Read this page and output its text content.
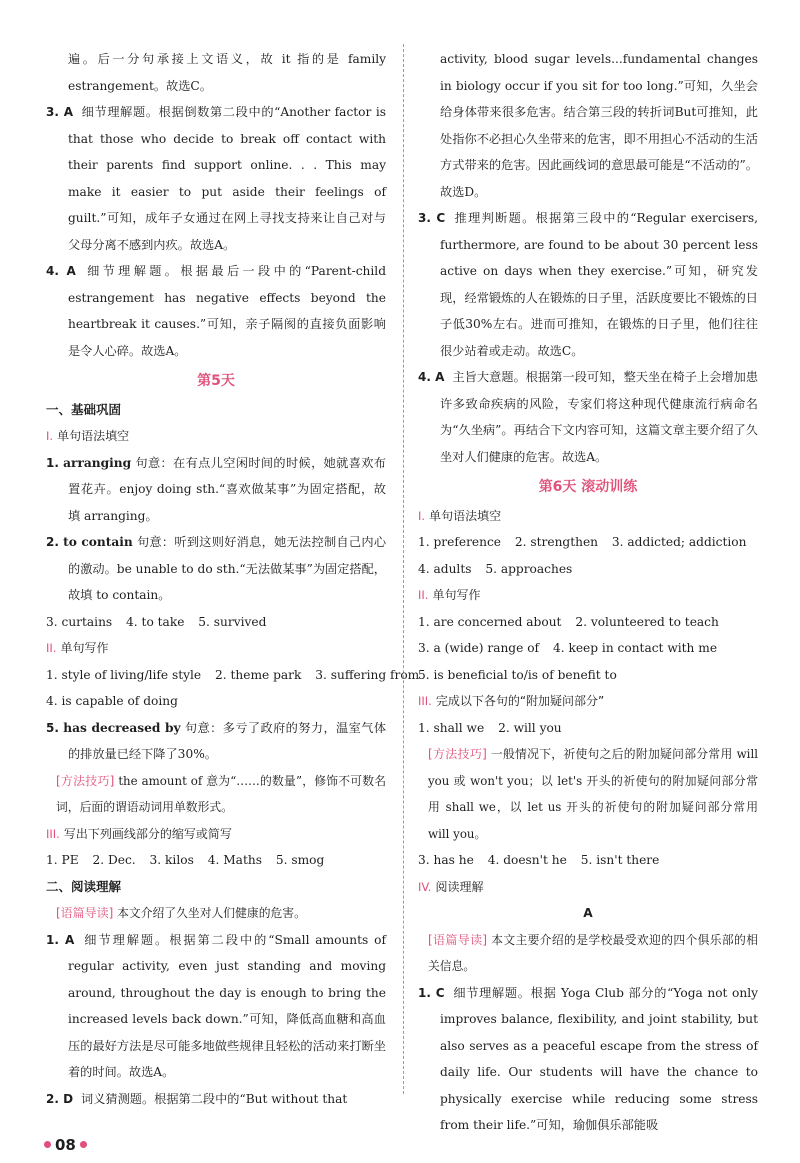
遍。后一分句承接上文语义，故 it 指的是 family estrangement。故选C。

3. A 细节理解题。根据倒数第二段中的“Another factor is that those who decide to break off contact with their parents find support online. . . This may make it easier to put aside their feelings of guilt.”可知，成年子女通过在网上寻找支持来让自己对与父母分离不感到内疚。故选A。

4. A 细节理解题。根据最后一段中的“Parent-child estrangement has negative effects beyond the heartbreak it causes.”可知，亲子隔阂的直接负面影响是令人心碎。故选A。

第5天
一、基础巩固
I. 单句语法填空

1. arranging 句意：在有点儿空闲时间的时候，她就喜欢布置花卉。enjoy doing sth.“喜欢做某事”为固定搭配，故填 arranging。

2. to contain 句意：听到这则好消息，她无法控制自己内心的激动。be unable to do sth.“无法做某事”为固定搭配，故填 to contain。

3. curtains 4. to take 5. survived
II. 单句写作
1. style of living/life style 2. theme park 3. suffering from
4. is capable of doing

5. has decreased by 句意：多亏了政府的努力，温室气体的排放量已经下降了30%。

[方法技巧] the amount of 意为“……的数量”，修饰不可数名词，后面的谓语动词用单数形式。

III. 写出下列画线部分的缩写或简写
1. PE 2. Dec. 3. kilos 4. Maths 5. smog
二、阅读理解

[语篇导读] 本文介绍了久坐对人们健康的危害。

1. A 细节理解题。根据第二段中的“Small amounts of regular activity, even just standing and moving around, throughout the day is enough to bring the increased levels back down.”可知，降低高血糖和高血压的最好方法是尽可能多地做些规律且轻松的活动来打断坐着的时间。故选A。

2. D 词义猜测题。根据第二段中的“But without that

activity, blood sugar levels...fundamental changes in biology occur if you sit for too long.”可知，久坐会给身体带来很多危害。结合第三段的转折词But可推知，此处指你不必担心久坐带来的危害，即不用担心不活动的生活方式带来的危害。因此画线词的意思最可能是“不活动的”。故选D。

3. C 推理判断题。根据第三段中的“Regular exercisers, furthermore, are found to be about 30 percent less active on days when they exercise.”可知，研究发现，经常锻炼的人在锻炼的日子里，活跃度要比不锻炼的日子低30%左右。进而可推知，在锻炼的日子里，他们往往很少站着或走动。故选C。

4. A 主旨大意题。根据第一段可知，整天坐在椅子上会增加患许多致命疾病的风险，专家们将这种现代健康流行病命名为“久坐病”。再结合下文内容可知，这篇文章主要介绍了久坐对人们健康的危害。故选A。

第6天 滚动训练
I. 单句语法填空
1. preference 2. strengthen 3. addicted; addiction
4. adults 5. approaches
II. 单句写作
1. are concerned about 2. volunteered to teach
3. a (wide) range of 4. keep in contact with me
5. is beneficial to/is of benefit to
III. 完成以下各句的“附加疑问部分”
1. shall we 2. will you

[方法技巧] 一般情况下，祈使句之后的附加疑问部分常用 will you 或 won't you；以 let's 开头的祈使句的附加疑问部分常用 shall we，以 let us 开头的祈使句的附加疑问部分常用 will you。

3. has he 4. doesn't he 5. isn't there
IV. 阅读理解
A

[语篇导读] 本文主要介绍的是学校最受欢迎的四个俱乐部的相关信息。

1. C 细节理解题。根据 Yoga Club 部分的“Yoga not only improves balance, flexibility, and joint stability, but also serves as a peaceful escape from the stress of daily life. Our students will have the chance to physically exercise while reducing some stress from their life.”可知，瑜伽俱乐部能吸

08
